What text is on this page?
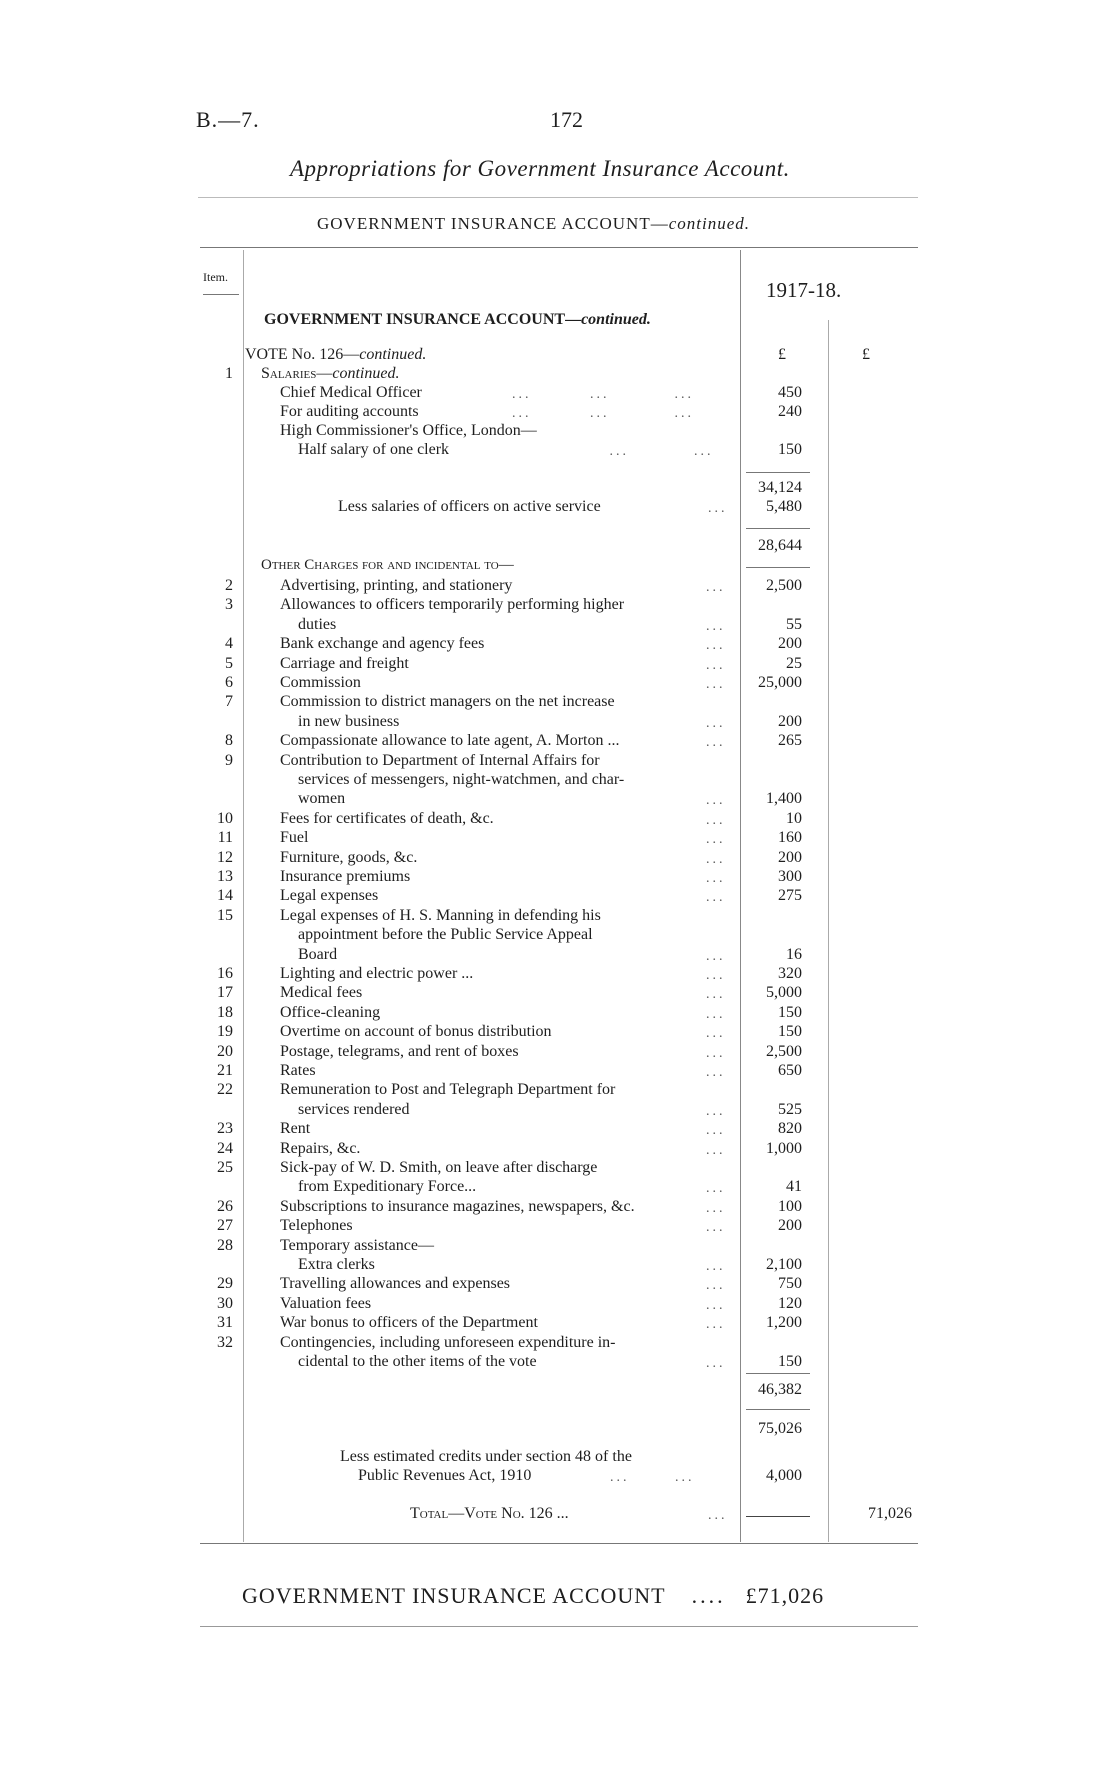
B.—7.	172
Appropriations for Government Insurance Account.
GOVERNMENT INSURANCE ACCOUNT—continued.
Item.
1917-18.
GOVERNMENT INSURANCE ACCOUNT—continued.
VOTE No. 126—continued.	£	£
1 Salaries—continued.
Chief Medical Officer	...         ...          ...	450
For auditing accounts	...         ...          ...	240
High Commissioner's Office, London—
Half salary of one clerk	...          ...	150
34,124
Less salaries of officers on active service	...	5,480
28,644
Other Charges for and incidental to—
2	Advertising, printing, and stationery	...	2,500
3	Allowances to officers temporarily performing higher
duties	...	55
4	Bank exchange and agency fees	...	200
5	Carriage and freight	...	25
6	Commission	...	25,000
7	Commission to district managers on the net increase
in new business	...	200
8	Compassionate allowance to late agent, A. Morton ...	...	265
9	Contribution to Department of Internal Affairs for
services of messengers, night-watchmen, and char-
women	...	1,400
10	Fees for certificates of death, &c.	...	10
11	Fuel	...	160
12	Furniture, goods, &c.	...	200
13	Insurance premiums	...	300
14	Legal expenses	...	275
15	Legal expenses of H. S. Manning in defending his
appointment before the Public Service Appeal
Board	...	16
16	Lighting and electric power ...	...	320
17	Medical fees	...	5,000
18	Office-cleaning	...	150
19	Overtime on account of bonus distribution	...	150
20	Postage, telegrams, and rent of boxes	...	2,500
21	Rates	...	650
22	Remuneration to Post and Telegraph Department for
services rendered	...	525
23	Rent	...	820
24	Repairs, &c.	...	1,000
25	Sick-pay of W. D. Smith, on leave after discharge
from Expeditionary Force...	...	41
26	Subscriptions to insurance magazines, newspapers, &c.	...	100
27	Telephones	...	200
28	Temporary assistance—
Extra clerks	...	2,100
29	Travelling allowances and expenses	...	750
30	Valuation fees	...	120
31	War bonus to officers of the Department	...	1,200
32	Contingencies, including unforeseen expenditure in-
cidental to the other items of the vote	...	150
46,382
75,026
Less estimated credits under section 48 of the
Public Revenues Act, 1910	...       ...	4,000
Total—Vote No. 126 ...	...	71,026
GOVERNMENT INSURANCE ACCOUNT .... £71,026
